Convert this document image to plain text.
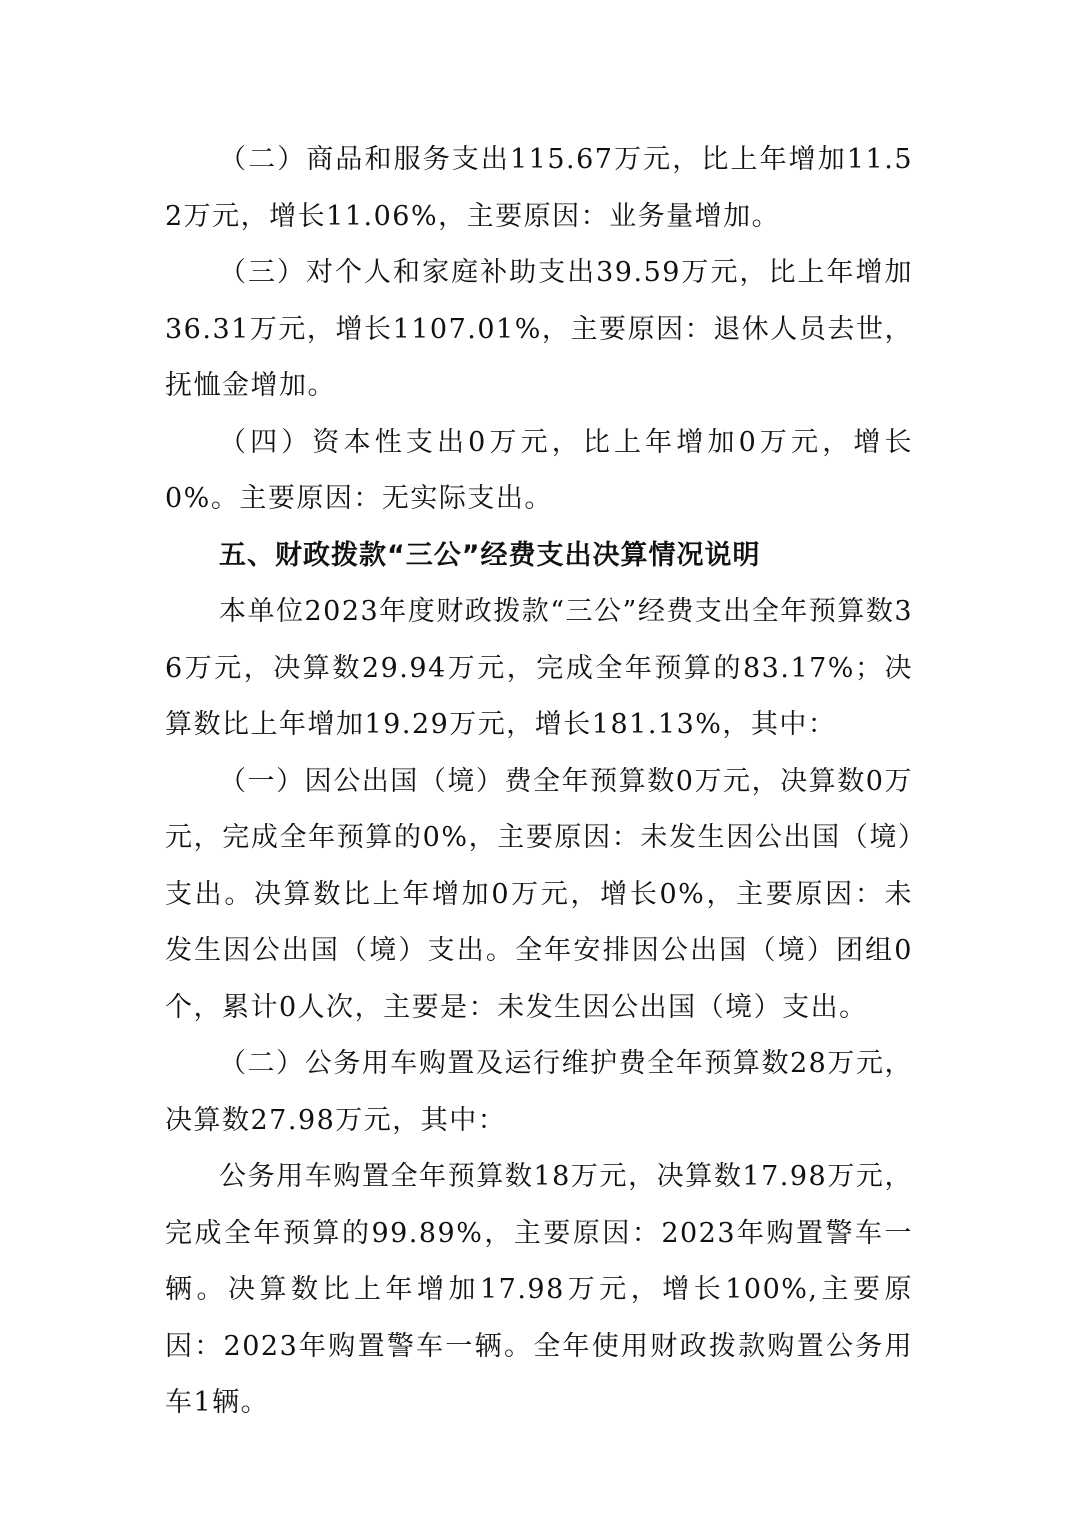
（二）商品和服务支出115.67万元，比上年增加11.52万元，增长11.06%，主要原因：业务量增加。

（三）对个人和家庭补助支出39.59万元，比上年增加36.31万元，增长1107.01%，主要原因：退休人员去世，抚恤金增加。

（四）资本性支出0万元，比上年增加0万元，增长0%。主要原因：无实际支出。

五、财政拨款“三公”经费支出决算情况说明

本单位2023年度财政拨款“三公”经费支出全年预算数36万元，决算数29.94万元，完成全年预算的83.17%；决算数比上年增加19.29万元，增长181.13%，其中：

（一）因公出国（境）费全年预算数0万元，决算数0万元，完成全年预算的0%，主要原因：未发生因公出国（境）支出。决算数比上年增加0万元，增长0%，主要原因：未发生因公出国（境）支出。全年安排因公出国（境）团组0个，累计0人次，主要是：未发生因公出国（境）支出。

（二）公务用车购置及运行维护费全年预算数28万元，决算数27.98万元，其中：

公务用车购置全年预算数18万元，决算数17.98万元，完成全年预算的99.89%，主要原因：2023年购置警车一辆。决算数比上年增加17.98万元，增长100%,主要原因：2023年购置警车一辆。全年使用财政拨款购置公务用车1辆。
